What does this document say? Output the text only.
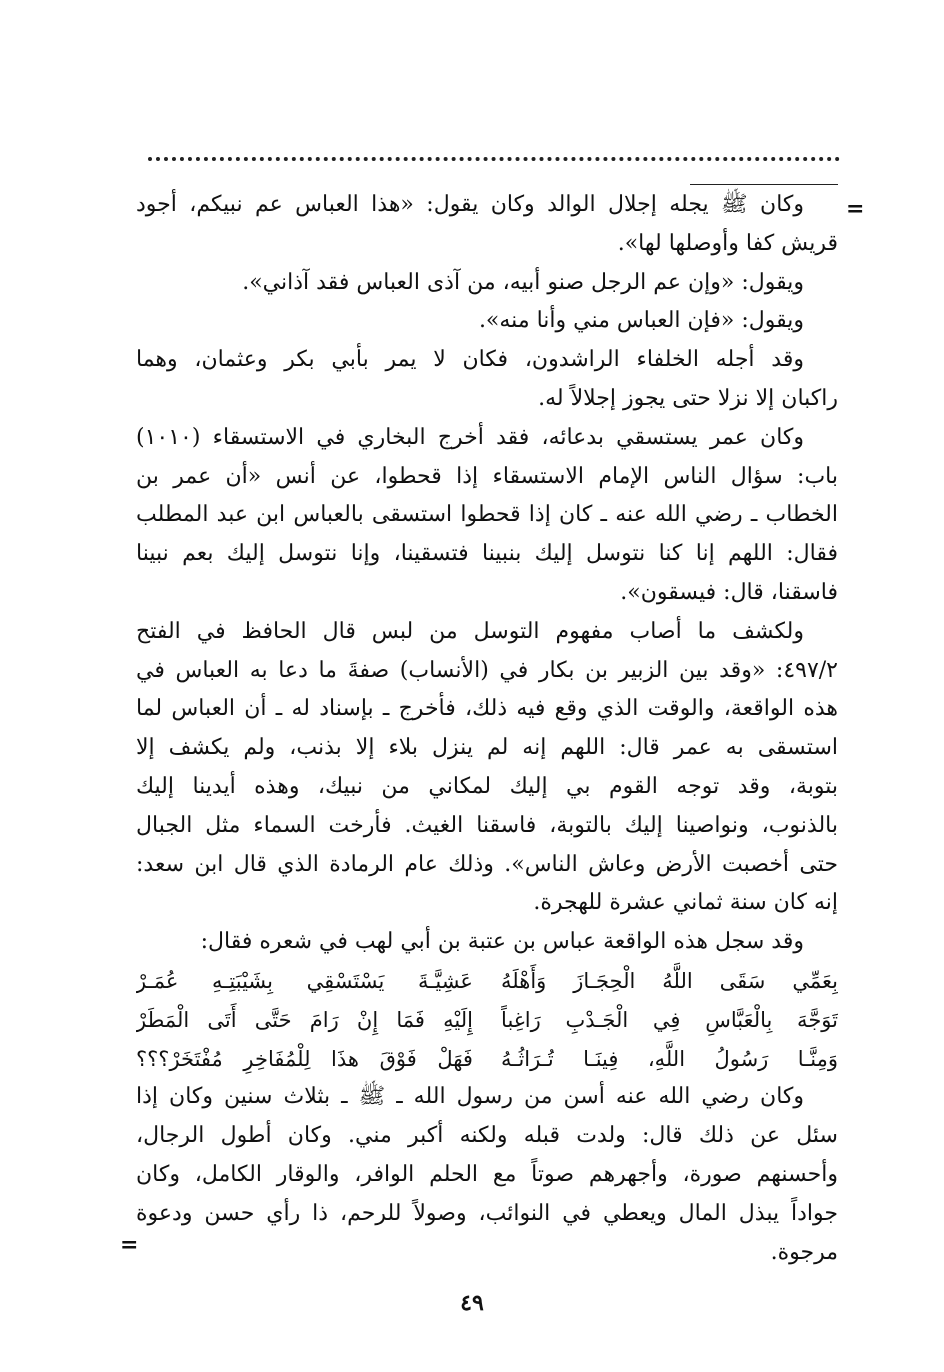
=
=
وكان ﷺ يجله إجلال الوالد وكان يقول: «هذا العباس عم نبيكم، أجود
قريش كفا وأوصلها لها».
ويقول: «وإن عم الرجل صنو أبيه، من آذى العباس فقد آذاني».
ويقول: «فإن العباس مني وأنا منه».
وقد أجله الخلفاء الراشدون، فكان لا يمر بأبي بكر وعثمان، وهما
راكبان إلا نزلا حتى يجوز إجلالاً له.
وكان عمر يستسقي بدعائه، فقد أخرج البخاري في الاستسقاء (١٠١٠)
باب: سؤال الناس الإمام الاستسقاء إذا قحطوا، عن أنس «أن عمر بن
الخطاب ـ رضي الله عنه ـ كان إذا قحطوا استسقى بالعباس ابن عبد المطلب
فقال: اللهم إنا كنا نتوسل إليك بنبينا فتسقينا، وإنا نتوسل إليك بعم نبينا
فاسقنا، قال: فيسقون».
ولكشف ما أصاب مفهوم التوسل من لبس قال الحافظ في الفتح
٤٩٧/٢: «وقد بين الزبير بن بكار في (الأنساب) صفةَ ما دعا به العباس في
هذه الواقعة، والوقت الذي وقع فيه ذلك، فأخرج ـ بإسناد له ـ أن العباس لما
استسقى به عمر قال: اللهم إنه لم ينزل بلاء إلا بذنب، ولم يكشف إلا
بتوبة، وقد توجه القوم بي إليك لمكاني من نبيك، وهذه أيدينا إليك
بالذنوب، ونواصينا إليك بالتوبة، فاسقنا الغيث. فأرخت السماء مثل الجبال
حتى أخصبت الأرض وعاش الناس». وذلك عام الرمادة الذي قال ابن سعد:
إنه كان سنة ثماني عشرة للهجرة.
وقد سجل هذه الواقعة عباس بن عتبة بن أبي لهب في شعره فقال:
بِعَمِّي سَقَى اللَّهُ الْحِجَـازَ وَأَهْلَهُ
عَشِيَّـةَ يَسْتَسْقِي بِشَيْبَتِـهِ عُمَـرْ
تَوَجَّهَ بِالْعَبَّاسِ فِي الْجَـدْبِ رَاغِباً
إِلَيْهِ فَمَا إِنْ رَامَ حَتَّى أَتَى الْمَطَرْ
وَمِنَّـا رَسُولُ اللَّهِ، فِينَـا تُـرَاثُـهُ
فَهَلْ فَوْقَ هذَا لِلْمُفَاخِرِ مُفْتَخَرْ؟؟؟
وكان رضي الله عنه أسن من رسول الله ـ ﷺ ـ بثلاث سنين وكان إذا
سئل عن ذلك قال: ولدت قبله ولكنه أكبر مني. وكان أطول الرجال،
وأحسنهم صورة، وأجهرهم صوتاً مع الحلم الوافر، والوقار الكامل، وكان
جواداً يبذل المال ويعطي في النوائب، وصولاً للرحم، ذا رأي حسن ودعوة
مرجوة.
٤٩
